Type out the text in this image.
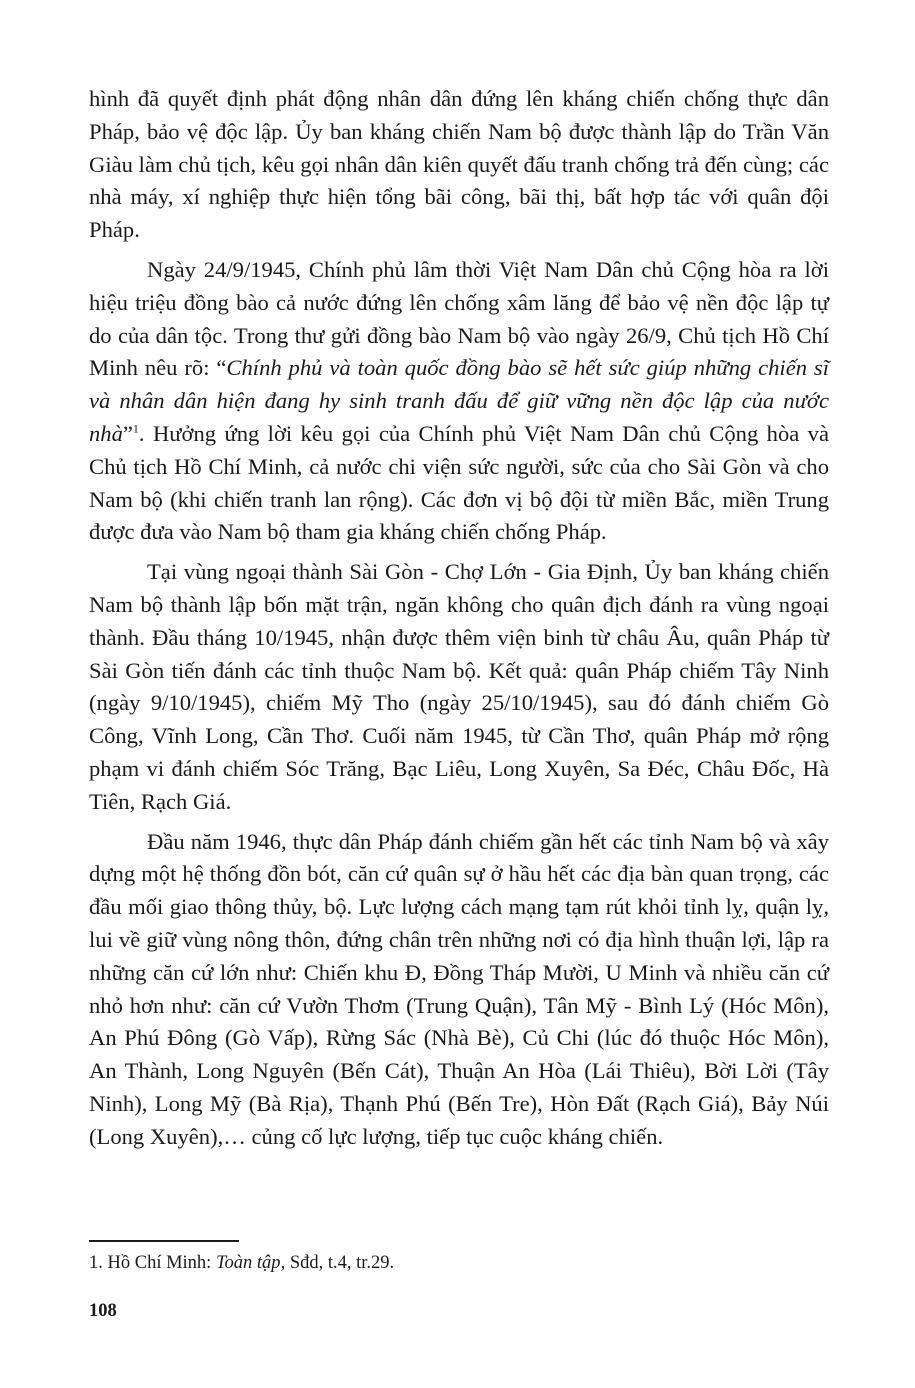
hình đã quyết định phát động nhân dân đứng lên kháng chiến chống thực dân Pháp, bảo vệ độc lập. Ủy ban kháng chiến Nam bộ được thành lập do Trần Văn Giàu làm chủ tịch, kêu gọi nhân dân kiên quyết đấu tranh chống trả đến cùng; các nhà máy, xí nghiệp thực hiện tổng bãi công, bãi thị, bất hợp tác với quân đội Pháp.

Ngày 24/9/1945, Chính phủ lâm thời Việt Nam Dân chủ Cộng hòa ra lời hiệu triệu đồng bào cả nước đứng lên chống xâm lăng để bảo vệ nền độc lập tự do của dân tộc. Trong thư gửi đồng bào Nam bộ vào ngày 26/9, Chủ tịch Hồ Chí Minh nêu rõ: “Chính phủ và toàn quốc đồng bào sẽ hết sức giúp những chiến sĩ và nhân dân hiện đang hy sinh tranh đấu để giữ vững nền độc lập của nước nhà”$^1$. Hưởng ứng lời kêu gọi của Chính phủ Việt Nam Dân chủ Cộng hòa và Chủ tịch Hồ Chí Minh, cả nước chi viện sức người, sức của cho Sài Gòn và cho Nam bộ (khi chiến tranh lan rộng). Các đơn vị bộ đội từ miền Bắc, miền Trung được đưa vào Nam bộ tham gia kháng chiến chống Pháp.

Tại vùng ngoại thành Sài Gòn - Chợ Lớn - Gia Định, Ủy ban kháng chiến Nam bộ thành lập bốn mặt trận, ngăn không cho quân địch đánh ra vùng ngoại thành. Đầu tháng 10/1945, nhận được thêm viện binh từ châu Âu, quân Pháp từ Sài Gòn tiến đánh các tỉnh thuộc Nam bộ. Kết quả: quân Pháp chiếm Tây Ninh (ngày 9/10/1945), chiếm Mỹ Tho (ngày 25/10/1945), sau đó đánh chiếm Gò Công, Vĩnh Long, Cần Thơ. Cuối năm 1945, từ Cần Thơ, quân Pháp mở rộng phạm vi đánh chiếm Sóc Trăng, Bạc Liêu, Long Xuyên, Sa Đéc, Châu Đốc, Hà Tiên, Rạch Giá.

Đầu năm 1946, thực dân Pháp đánh chiếm gần hết các tỉnh Nam bộ và xây dựng một hệ thống đồn bót, căn cứ quân sự ở hầu hết các địa bàn quan trọng, các đầu mối giao thông thủy, bộ. Lực lượng cách mạng tạm rút khỏi tỉnh lỵ, quận lỵ, lui về giữ vùng nông thôn, đứng chân trên những nơi có địa hình thuận lợi, lập ra những căn cứ lớn như: Chiến khu Đ, Đồng Tháp Mười, U Minh và nhiều căn cứ nhỏ hơn như: căn cứ Vườn Thơm (Trung Quận), Tân Mỹ - Bình Lý (Hóc Môn), An Phú Đông (Gò Vấp), Rừng Sác (Nhà Bè), Củ Chi (lúc đó thuộc Hóc Môn), An Thành, Long Nguyên (Bến Cát), Thuận An Hòa (Lái Thiêu), Bời Lời (Tây Ninh), Long Mỹ (Bà Rịa), Thạnh Phú (Bến Tre), Hòn Đất (Rạch Giá), Bảy Núi (Long Xuyên),… củng cố lực lượng, tiếp tục cuộc kháng chiến.

1. Hồ Chí Minh: Toàn tập, Sđd, t.4, tr.29.
108
